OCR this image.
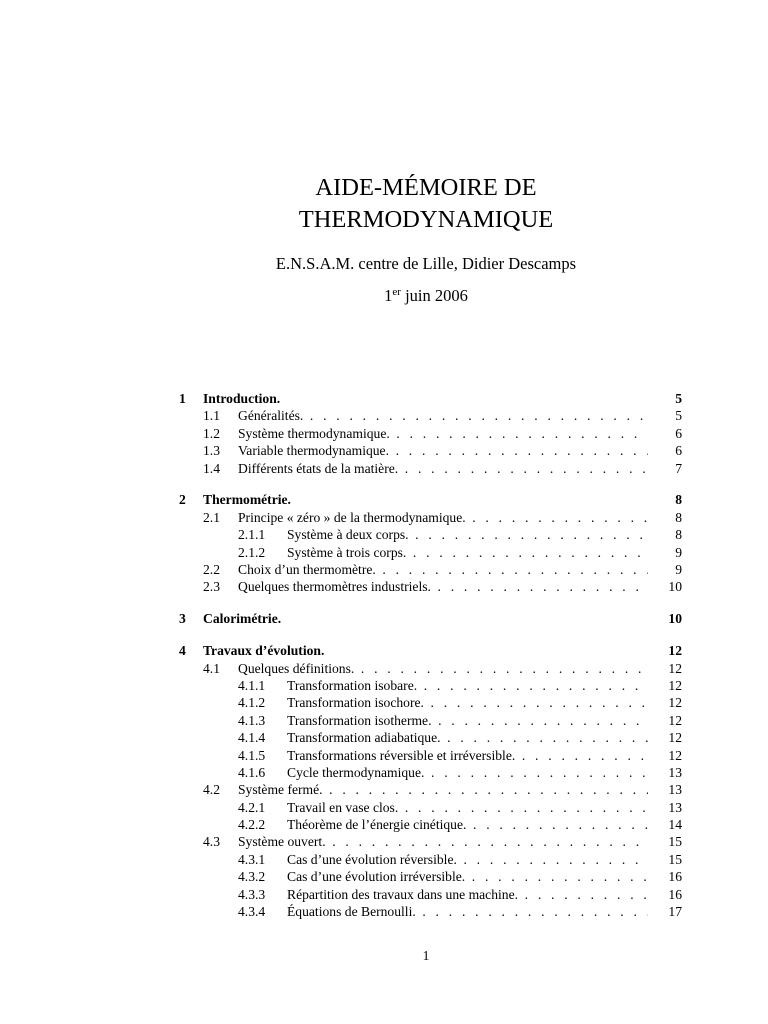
AIDE-MÉMOIRE DE
THERMODYNAMIQUE
E.N.S.A.M. centre de Lille, Didier Descamps
1er juin 2006
1 Introduction.	5
1.1 Généralités. . . .	5
1.2 Système thermodynamique. . . .	6
1.3 Variable thermodynamique. . . .	6
1.4 Différents états de la matière. . . .	7
2 Thermométrie.	8
2.1 Principe « zéro » de la thermodynamique. . . .	8
2.1.1 Système à deux corps. . . .	8
2.1.2 Système à trois corps. . . .	9
2.2 Choix d’un thermomètre. . . .	9
2.3 Quelques thermomètres industriels. . . .	10
3 Calorimétrie.	10
4 Travaux d’évolution.	12
4.1 Quelques définitions. . . .	12
4.1.1 Transformation isobare. . . .	12
4.1.2 Transformation isochore. . . .	12
4.1.3 Transformation isotherme. . . .	12
4.1.4 Transformation adiabatique. . . .	12
4.1.5 Transformations réversible et irréversible. . . .	12
4.1.6 Cycle thermodynamique. . . .	13
4.2 Système fermé. . . .	13
4.2.1 Travail en vase clos. . . .	13
4.2.2 Théorème de l’énergie cinétique. . . .	14
4.3 Système ouvert. . . .	15
4.3.1 Cas d’une évolution réversible. . . .	15
4.3.2 Cas d’une évolution irréversible. . . .	16
4.3.3 Répartition des travaux dans une machine. . . .	16
4.3.4 Équations de Bernoulli. . . .	17
1
